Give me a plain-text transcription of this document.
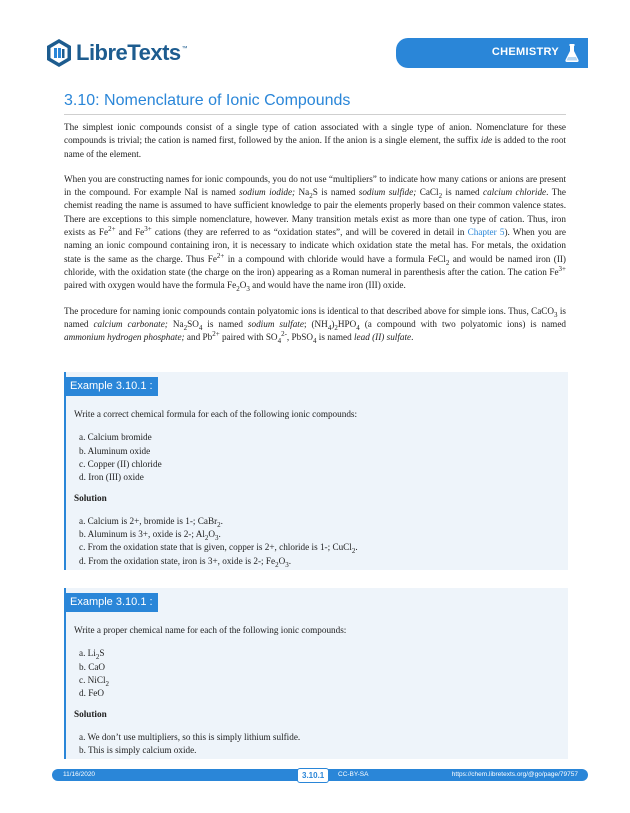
LibreTexts ™	CHEMISTRY
3.10: Nomenclature of Ionic Compounds

The simplest ionic compounds consist of a single type of cation associated with a single type of anion. Nomenclature for these compounds is trivial; the cation is named first, followed by the anion. If the anion is a single element, the suffix ide is added to the root name of the element.

When you are constructing names for ionic compounds, you do not use “multipliers” to indicate how many cations or anions are present in the compound. For example NaI is named sodium iodide; $Na_2S$ is named sodium sulfide; CaCl$_2$ is named calcium chloride. The chemist reading the name is assumed to have sufficient knowledge to pair the elements properly based on their common valence states. There are exceptions to this simple nomenclature, however. Many transition metals exist as more than one type of cation. Thus, iron exists as $Fe^{2+}$ and $Fe^{3+}$ cations (they are referred to as “oxidation states”, and will be covered in detail in Chapter 5). When you are naming an ionic compound containing iron, it is necessary to indicate which oxidation state the metal has. For metals, the oxidation state is the same as the charge. Thus $Fe^{2+}$ in a compound with chloride would have a formula FeCl$_2$ and would be named iron (II) chloride, with the oxidation state (the charge on the iron) appearing as a Roman numeral in parenthesis after the cation. The cation $Fe^{3+}$ paired with oxygen would have the formula $Fe_2O_3$ and would have the name iron (III) oxide.

The procedure for naming ionic compounds contain polyatomic ions is identical to that described above for simple ions. Thus, CaCO$_3$ is named calcium carbonate; $Na_2SO_4$ is named sodium sulfate; $(NH_4)_2HPO_4$ (a compound with two polyatomic ions) is named ammonium hydrogen phosphate; and $Pb^{2+}$ paired with $SO_4^{2-}$, PbSO$_4$ is named lead (II) sulfate.

Example 3.10.1 :

Write a correct chemical formula for each of the following ionic compounds:

a. Calcium bromide
b. Aluminum oxide
c. Copper (II) chloride
d. Iron (III) oxide
Solution
a. Calcium is 2+, bromide is 1-; CaBr$_2$.
b. Aluminum is 3+, oxide is 2-; $Al_2O_3$.
c. From the oxidation state that is given, copper is 2+, chloride is 1-; CuCl$_2$.
d. From the oxidation state, iron is 3+, oxide is 2-; $Fe_2O_3$.
Example 3.10.1 :

Write a proper chemical name for each of the following ionic compounds:

a. $Li_2S$
b. CaO
c. NiCl$_2$
d. FeO
Solution
a. We don’t use multipliers, so this is simply lithium sulfide.
b. This is simply calcium oxide.
11/16/2020	3.10.1	CC-BY-SA	https://chem.libretexts.org/@go/page/79757
